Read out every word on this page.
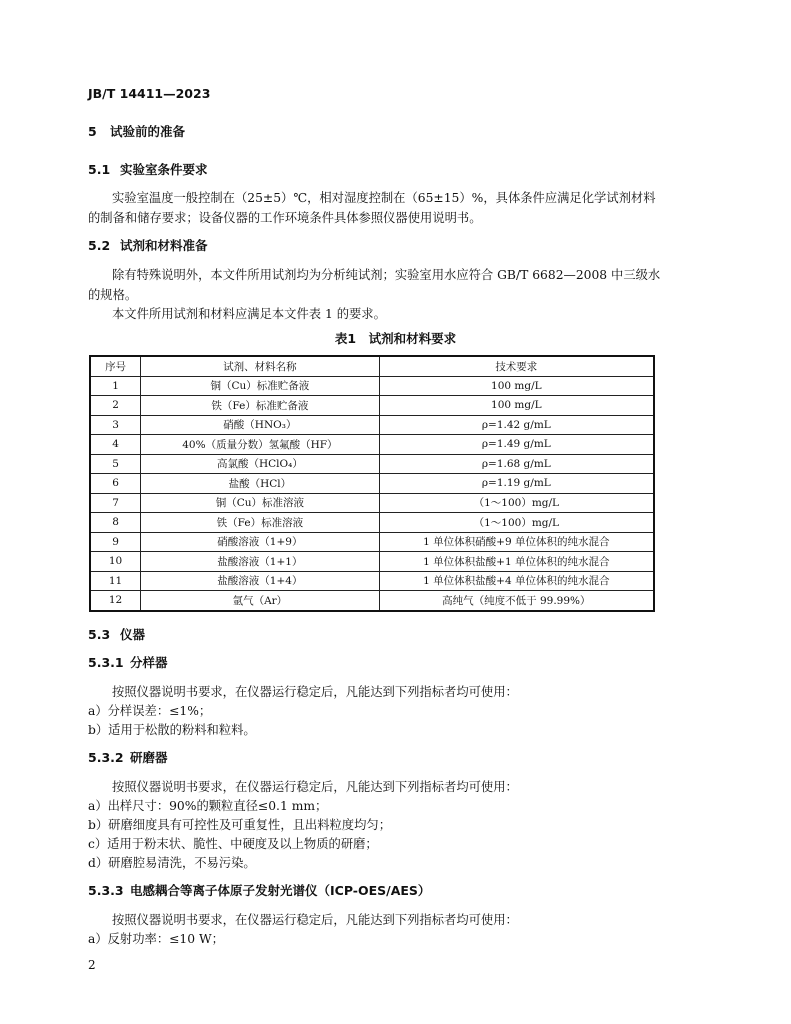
JB/T 14411—2023
5 试验前的准备
5.1 实验室条件要求
实验室温度一般控制在（25±5）℃，相对湿度控制在（65±15）%，具体条件应满足化学试剂材料
的制备和储存要求；设备仪器的工作环境条件具体参照仪器使用说明书。
5.2 试剂和材料准备
除有特殊说明外，本文件所用试剂均为分析纯试剂；实验室用水应符合 GB/T 6682—2008 中三级水
的规格。
本文件所用试剂和材料应满足本文件表 1 的要求。
表1　试剂和材料要求
序号	试剂、材料名称	技术要求
1	铜（Cu）标准贮备液	100 mg/L
2	铁（Fe）标准贮备液	100 mg/L
3	硝酸（HNO₃）	ρ=1.42 g/mL
4	40%（质量分数）氢氟酸（HF）	ρ=1.49 g/mL
5	高氯酸（HClO₄）	ρ=1.68 g/mL
6	盐酸（HCl）	ρ=1.19 g/mL
7	铜（Cu）标准溶液	（1～100）mg/L
8	铁（Fe）标准溶液	（1～100）mg/L
9	硝酸溶液（1+9）	1 单位体积硝酸+9 单位体积的纯水混合
10	盐酸溶液（1+1）	1 单位体积盐酸+1 单位体积的纯水混合
11	盐酸溶液（1+4）	1 单位体积盐酸+4 单位体积的纯水混合
12	氩气（Ar）	高纯气（纯度不低于 99.99%）
5.3 仪器
5.3.1 分样器
按照仪器说明书要求，在仪器运行稳定后，凡能达到下列指标者均可使用：
a）分样误差：≤1%；
b）适用于松散的粉料和粒料。
5.3.2 研磨器
按照仪器说明书要求，在仪器运行稳定后，凡能达到下列指标者均可使用：
a）出样尺寸：90%的颗粒直径≤0.1 mm；
b）研磨细度具有可控性及可重复性，且出料粒度均匀；
c）适用于粉末状、脆性、中硬度及以上物质的研磨；
d）研磨腔易清洗，不易污染。
5.3.3 电感耦合等离子体原子发射光谱仪（ICP-OES/AES）
按照仪器说明书要求，在仪器运行稳定后，凡能达到下列指标者均可使用：
a）反射功率：≤10 W；
2
